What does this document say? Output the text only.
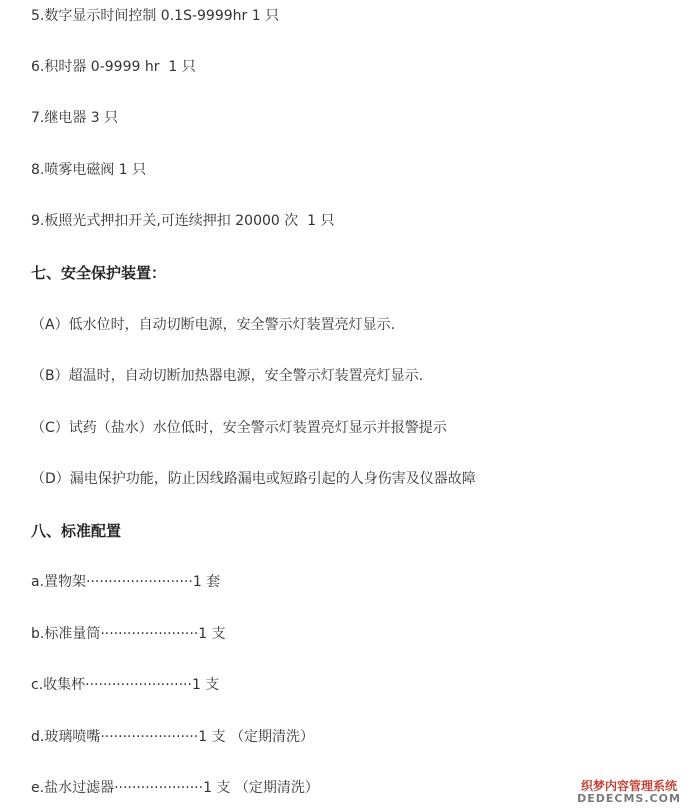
5.数字显示时间控制 0.1S-9999hr 1 只
6.积时器 0-9999 hr  1 只
7.继电器 3 只
8.喷雾电磁阀 1 只
9.板照光式押扣开关,可连续押扣 20000 次  1 只
七、安全保护装置：
（A）低水位时，自动切断电源，安全警示灯装置亮灯显示.
（B）超温时，自动切断加热器电源，安全警示灯装置亮灯显示.
（C）试药（盐水）水位低时，安全警示灯装置亮灯显示并报警提示
（D）漏电保护功能，防止因线路漏电或短路引起的人身伤害及仪器故障
八、标准配置
a.置物架························1 套
b.标准量筒······················1 支
c.收集杯························1 支
d.玻璃喷嘴······················1 支 （定期清洗）
e.盐水过滤器····················1 支 （定期清洗）	织梦内容管理系统
DEDECMS.COM
